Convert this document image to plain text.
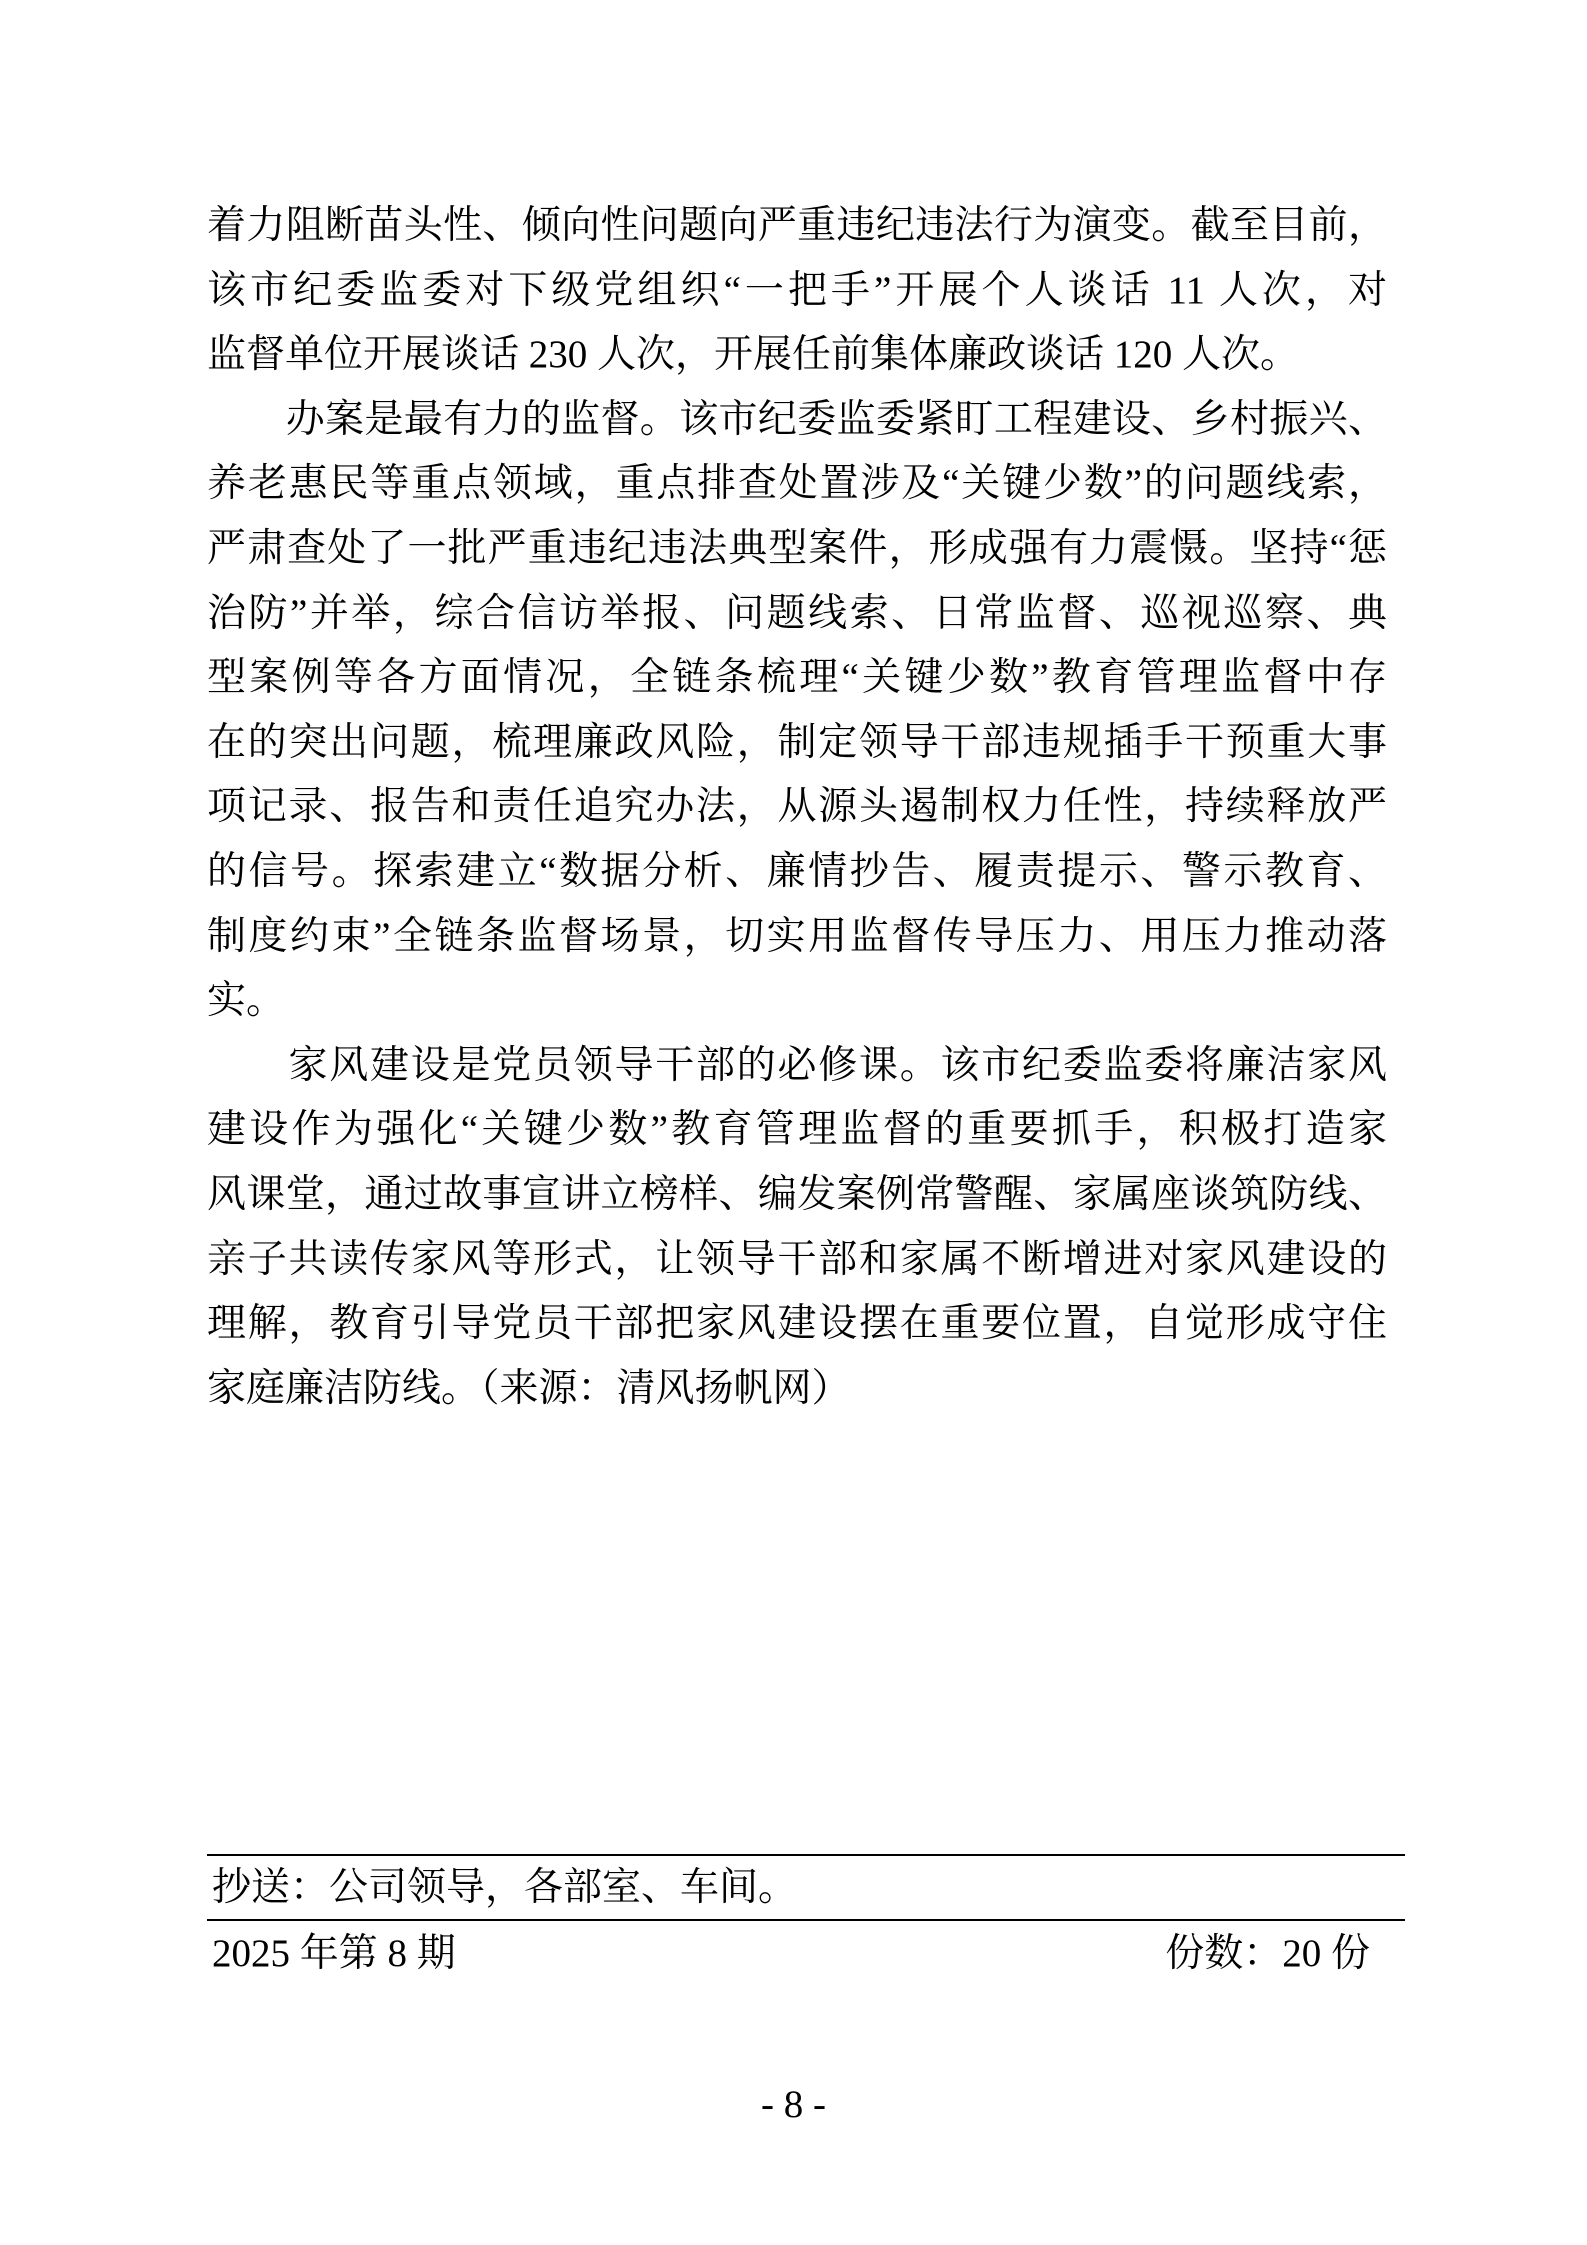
着力阻断苗头性、倾向性问题向严重违纪违法行为演变。截至目前，
该市纪委监委对下级党组织“一把手”开展个人谈话 11 人次，对
监督单位开展谈话 230 人次，开展任前集体廉政谈话 120 人次。
　　办案是最有力的监督。该市纪委监委紧盯工程建设、乡村振兴、
养老惠民等重点领域，重点排查处置涉及“关键少数”的问题线索，
严肃查处了一批严重违纪违法典型案件，形成强有力震慑。坚持“惩
治防”并举，综合信访举报、问题线索、日常监督、巡视巡察、典
型案例等各方面情况，全链条梳理“关键少数”教育管理监督中存
在的突出问题，梳理廉政风险，制定领导干部违规插手干预重大事
项记录、报告和责任追究办法，从源头遏制权力任性，持续释放严
的信号。探索建立“数据分析、廉情抄告、履责提示、警示教育、
制度约束”全链条监督场景，切实用监督传导压力、用压力推动落
实。
　　家风建设是党员领导干部的必修课。该市纪委监委将廉洁家风
建设作为强化“关键少数”教育管理监督的重要抓手，积极打造家
风课堂，通过故事宣讲立榜样、编发案例常警醒、家属座谈筑防线、
亲子共读传家风等形式，让领导干部和家属不断增进对家风建设的
理解，教育引导党员干部把家风建设摆在重要位置，自觉形成守住
家庭廉洁防线。（来源：清风扬帆网）
抄送：公司领导，各部室、车间。
2025 年第 8 期	份数：20 份
- 8 -
